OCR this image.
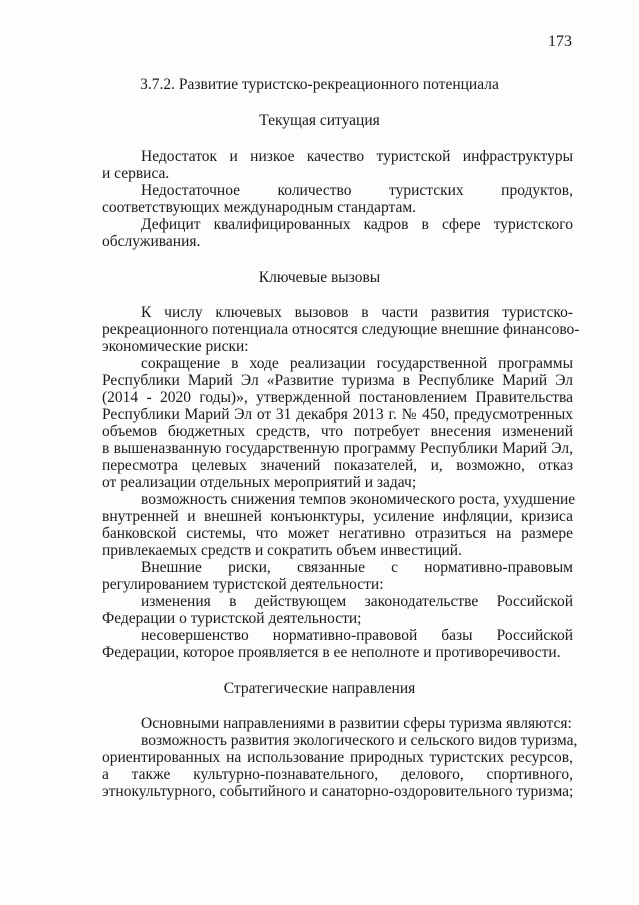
173
3.7.2. Развитие туристско-рекреационного потенциала
Текущая ситуация
Недостаток и низкое качество туристской инфраструктуры
и сервиса.
Недостаточное количество туристских продуктов,
соответствующих международным стандартам.
Дефицит квалифицированных кадров в сфере туристского
обслуживания.
Ключевые вызовы
К числу ключевых вызовов в части развития туристско-
рекреационного потенциала относятся следующие внешние финансово-
экономические риски:
сокращение в ходе реализации государственной программы
Республики Марий Эл «Развитие туризма в Республике Марий Эл
(2014 - 2020 годы)», утвержденной постановлением Правительства
Республики Марий Эл от 31 декабря 2013 г. № 450, предусмотренных
объемов бюджетных средств, что потребует внесения изменений
в вышеназванную государственную программу Республики Марий Эл,
пересмотра целевых значений показателей, и, возможно, отказ
от реализации отдельных мероприятий и задач;
возможность снижения темпов экономического роста, ухудшение
внутренней и внешней конъюнктуры, усиление инфляции, кризиса
банковской системы, что может негативно отразиться на размере
привлекаемых средств и сократить объем инвестиций.
Внешние риски, связанные с нормативно-правовым
регулированием туристской деятельности:
изменения в действующем законодательстве Российской
Федерации о туристской деятельности;
несовершенство нормативно-правовой базы Российской
Федерации, которое проявляется в ее неполноте и противоречивости.
Стратегические направления
Основными направлениями в развитии сферы туризма являются:
возможность развития экологического и сельского видов туризма,
ориентированных на использование природных туристских ресурсов,
а также культурно-познавательного, делового, спортивного,
этнокультурного, событийного и санаторно-оздоровительного туризма;
